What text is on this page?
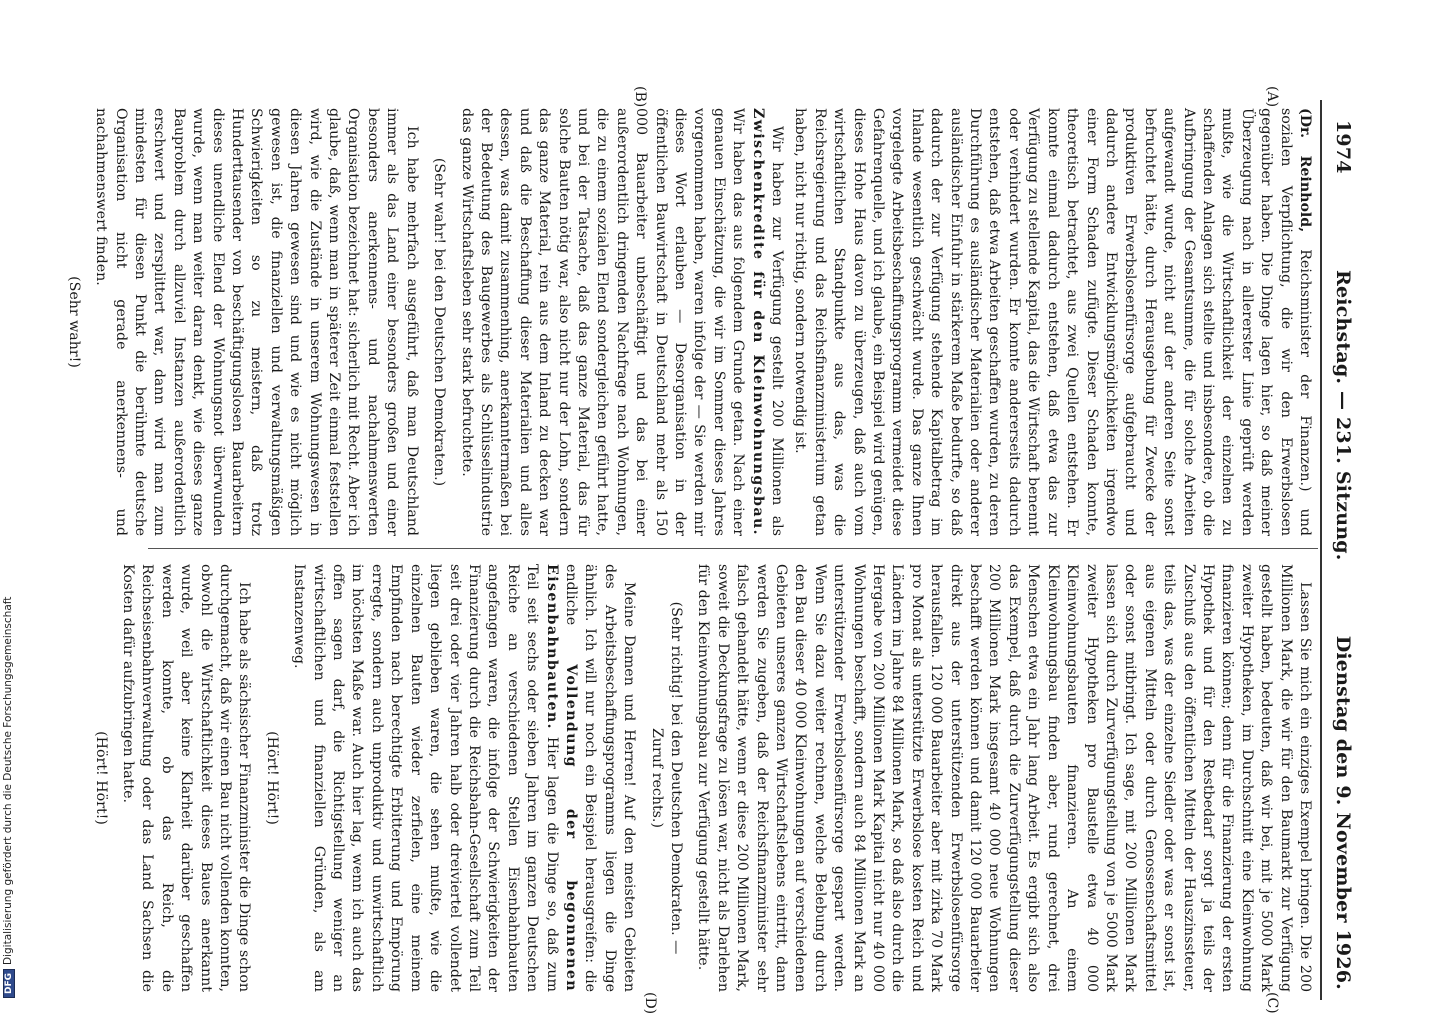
1974
Reichstag. — 231. Sitzung.
Dienstag den 9. November 1926.
(A)
(B)
(C)
(D)

(Dr. Reinhold, Reichsminister der Finanzen.) und sozialen Verpflichtung, die wir den Erwerbslosen gegenüber haben. Die Dinge lagen hier, so daß meiner Überzeugung nach in allererster Linie geprüft werden mußte, wie die Wirtschaftlichkeit der einzelnen zu schaffenden Anlagen sich stellte und insbesondere, ob die Aufbringung der Gesamtsumme, die für solche Arbeiten aufgewandt wurde, nicht auf der anderen Seite sonst befruchtet hätte, durch Herausgebung für Zwecke der produktiven Erwerbslosenfürsorge aufgebraucht und dadurch andere Entwicklungsmöglichkeiten irgendwo einer Form Schaden zufügte. Dieser Schaden konnte, theoretisch betrachtet, aus zwei Quellen entstehen. Er konnte einmal dadurch entstehen, daß etwa das zur Verfügung zu stellende Kapital, das die Wirtschaft benennt oder verhindert wurden. Er konnte andererseits dadurch entstehen, daß etwa Arbeiten geschaffen wurden, zu deren Durchführung es ausländischer Materialien oder anderer ausländischer Einfuhr in stärkerem Maße bedurfte, so daß dadurch der zur Verfügung stehende Kapitalbetrag im Inlande wesentlich geschwächt wurde. Das ganze Ihnen vorgelegte Arbeitsbeschaffungsprogramm vermeidet diese Gefahrenquelle, und ich glaube, ein Beispiel wird genügen, dieses Hohe Haus davon zu überzeugen, daß auch vom wirtschaftlichen Standpunkte aus das, was die Reichsregierung und das Reichsfinanzministerium getan haben, nicht nur richtig, sondern notwendig ist.

Wir haben zur Verfügung gestellt 200 Millionen als Zwischenkredite für den Kleinwohnungsbau. Wir haben das aus folgendem Grunde getan. Nach einer genauen Einschätzung, die wir im Sommer dieses Jahres vorgenommen haben, waren infolge der — Sie werden mir dieses Wort erlauben — Desorganisation in der öffentlichen Bauwirtschaft in Deutschland mehr als 150 000 Bauarbeiter unbeschäftigt und das bei einer außerordentlich dringenden Nachfrage nach Wohnungen, die zu einem sozialen Elend sondergleichen geführt hatte, und bei der Tatsache, daß das ganze Material, das für solche Bauten nötig war, also nicht nur der Lohn, sondern das ganze Material, rein aus dem Inland zu decken war und daß die Beschaffung dieser Materialien und alles dessen, was damit zusammenhing, anerkanntermaßen bei der Bedeutung des Baugewerbes als Schlüsselindustrie das ganze Wirtschaftsleben sehr stark befruchtete.

(Sehr wahr! bei den Deutschen Demokraten.)

Ich habe mehrfach ausgeführt, daß man Deutschland immer als das Land einer besonders großen und einer besonders anerkennens- und nachahmenswerten Organisation bezeichnet hat: sicherlich mit Recht. Aber ich glaube, daß, wenn man in späterer Zeit einmal feststellen wird, wie die Zustände in unserem Wohnungswesen in diesen Jahren gewesen sind und wie es nicht möglich gewesen ist, die finanziellen und verwaltungsmäßigen Schwierigkeiten so zu meistern, daß trotz Hunderttausender von beschäftigungslosen Bauarbeitern dieses unendliche Elend der Wohnungsnot überwunden wurde, wenn man weiter daran denkt, wie dieses ganze Bauproblem durch allzuviel Instanzen außerordentlich erschwert und zersplittert war, dann wird man zum mindesten für diesen Punkt die berühmte deutsche Organisation nicht gerade anerkennens- und nachahmenswert finden.

(Sehr wahr!)

Lassen Sie mich ein einziges Exempel bringen. Die 200 Millionen Mark, die wir für den Baumarkt zur Verfügung gestellt haben, bedeuten, daß wir bei, mit je 5000 Mark zweiter Hypotheken, im Durchschnitt eine Kleinwohnung finanzieren können; denn für die Finanzierung der ersten Hypothek und für den Restbedarf sorgt ja teils der Zuschuß aus den öffentlichen Mitteln der Hauszinssteuer, teils das, was der einzelne Siedler oder was er sonst ist, aus eigenen Mitteln oder durch Genossenschaftsmittel oder sonst mitbringt. Ich sage, mit 200 Millionen Mark lassen sich durch Zurverfügungstellung von je 5000 Mark zweiter Hypotheken pro Baustelle etwa 40 000 Kleinwohnungsbauten finanzieren. An einem Kleinwohnungsbau finden aber, rund gerechnet, drei Menschen etwa ein Jahr lang Arbeit. Es ergibt sich also das Exempel, daß durch die Zurverfügungstellung dieser 200 Millionen Mark insgesamt 40 000 neue Wohnungen beschafft werden können und damit 120 000 Bauarbeiter direkt aus der unterstützenden Erwerbslosenfürsorge herausfallen. 120 000 Bauarbeiter aber mit zirka 70 Mark pro Monat als unterstützte Erwerbslose kosten Reich und Ländern im Jahre 84 Millionen Mark, so daß also durch die Hergabe von 200 Millionen Mark Kapital nicht nur 40 000 Wohnungen beschafft, sondern auch 84 Millionen Mark an unterstützender Erwerbslosenfürsorge gespart werden. Wenn Sie dazu weiter rechnen, welche Belebung durch den Bau dieser 40 000 Kleinwohnungen auf verschiedenen Gebieten unseres ganzen Wirtschaftslebens eintritt, dann werden Sie zugeben, daß der Reichsfinanzminister sehr falsch gehandelt hätte, wenn er diese 200 Millionen Mark, soweit die Deckungsfrage zu lösen war, nicht als Darlehen für den Kleinwohnungsbau zur Verfügung gestellt hätte.

(Sehr richtig! bei den Deutschen Demokraten. —

Zuruf rechts.)

Meine Damen und Herren! Auf den meisten Gebieten des Arbeitsbeschaffungsprogramms liegen die Dinge ähnlich. Ich will nur noch ein Beispiel herausgreifen: die endliche Vollendung der begonnenen Eisenbahnbauten. Hier lagen die Dinge so, daß zum Teil seit sechs oder sieben Jahren im ganzen Deutschen Reiche an verschiedenen Stellen Eisenbahnbauten angefangen waren, die infolge der Schwierigkeiten der Finanzierung durch die Reichsbahn-Gesellschaft zum Teil seit drei oder vier Jahren halb oder dreiviertel vollendet liegen geblieben waren, die sehen mußte, wie die einzelnen Bauten wieder zerfielen, eine meinem Empfinden nach berechtigte Erbitterung und Empörung erregte, sondern auch unproduktiv und unwirtschaftlich im höchsten Maße war. Auch hier lag, wenn ich auch das offen sagen darf, die Richtigstellung weniger an wirtschaftlichen und finanziellen Gründen, als am Instanzenweg.

(Hört! Hört!)

Ich habe als sächsischer Finanzminister die Dinge schon durchgemacht, daß wir einen Bau nicht vollenden konnten, obwohl die Wirtschaftlichkeit dieses Baues anerkannt wurde, weil aber keine Klarheit darüber geschaffen werden konnte, ob das Reich, die Reichseisenbahnverwaltung oder das Land Sachsen die Kosten dafür aufzubringen hatte.

(Hört! Hört!)

DFGDigitalisierung gefördert durch die Deutsche Forschungsgemeinschaft
